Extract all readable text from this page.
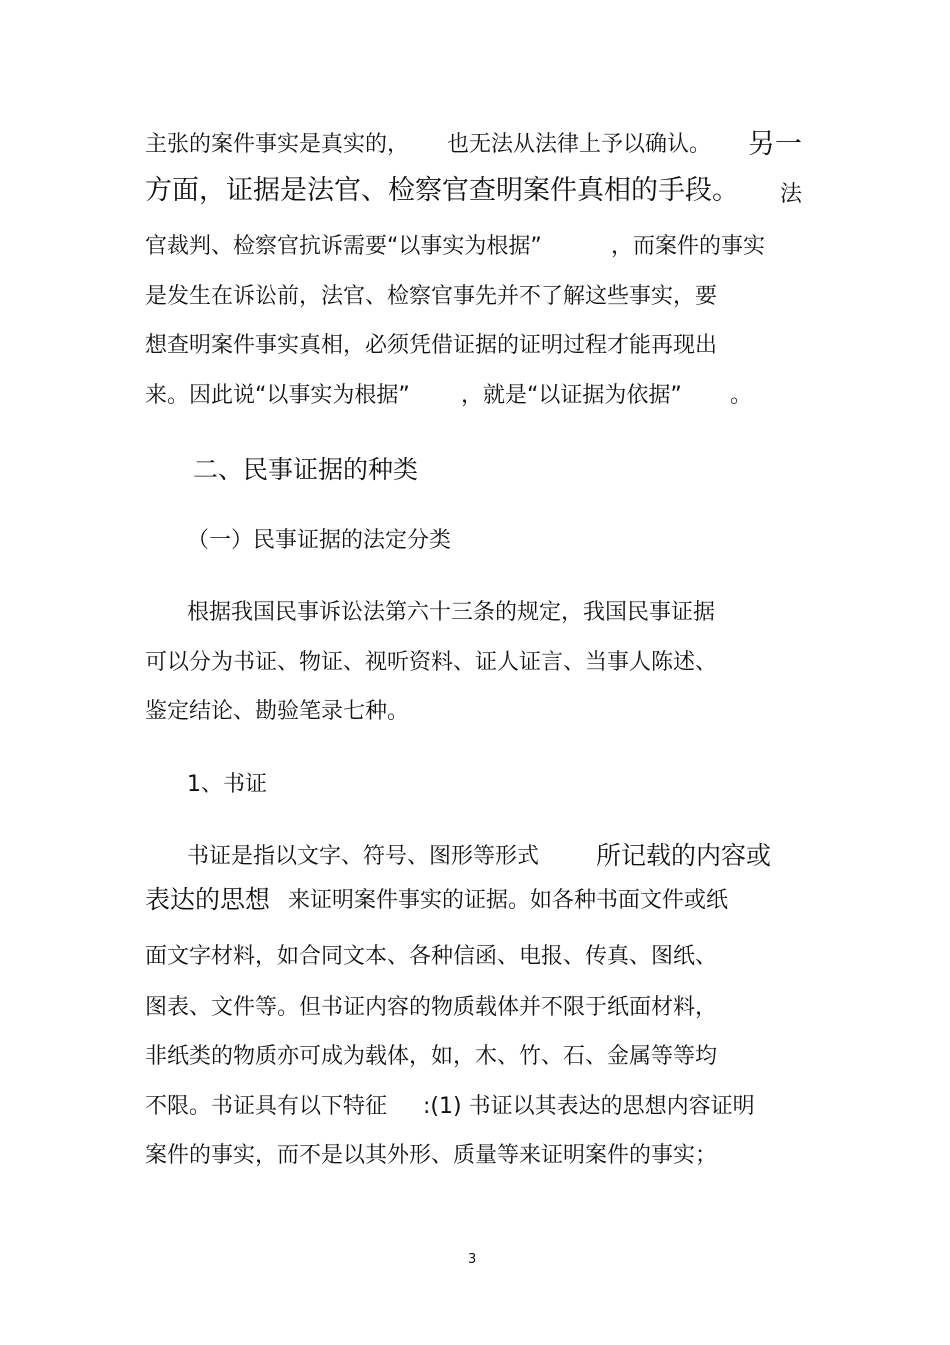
主张的案件事实是真实的， 也无法从法律上予以确认。 另一
方面，证据是法官、检察官查明案件真相的手段。 法
官裁判、检察官抗诉需要“以事实为根据”	，而案件的事实
是发生在诉讼前，法官、检察官事先并不了解这些事实，要
想查明案件事实真相，必须凭借证据的证明过程才能再现出
来。因此说“以事实为根据” ，就是“以证据为依据” 。
二、民事证据的种类
（一）民事证据的法定分类
根据我国民事诉讼法第六十三条的规定，我国民事证据
可以分为书证、物证、视听资料、证人证言、当事人陈述、
鉴定结论、勘验笔录七种。
1、书证
书证是指以文字、符号、图形等形式 所记载的内容或
表达的思想 来证明案件事实的证据。如各种书面文件或纸
面文字材料，如合同文本、各种信函、电报、传真、图纸、
图表、文件等。但书证内容的物质载体并不限于纸面材料，
非纸类的物质亦可成为载体，如，木、竹、石、金属等等均
不限。书证具有以下特征 :(1) 书证以其表达的思想内容证明
案件的事实，而不是以其外形、质量等来证明案件的事实；
3
